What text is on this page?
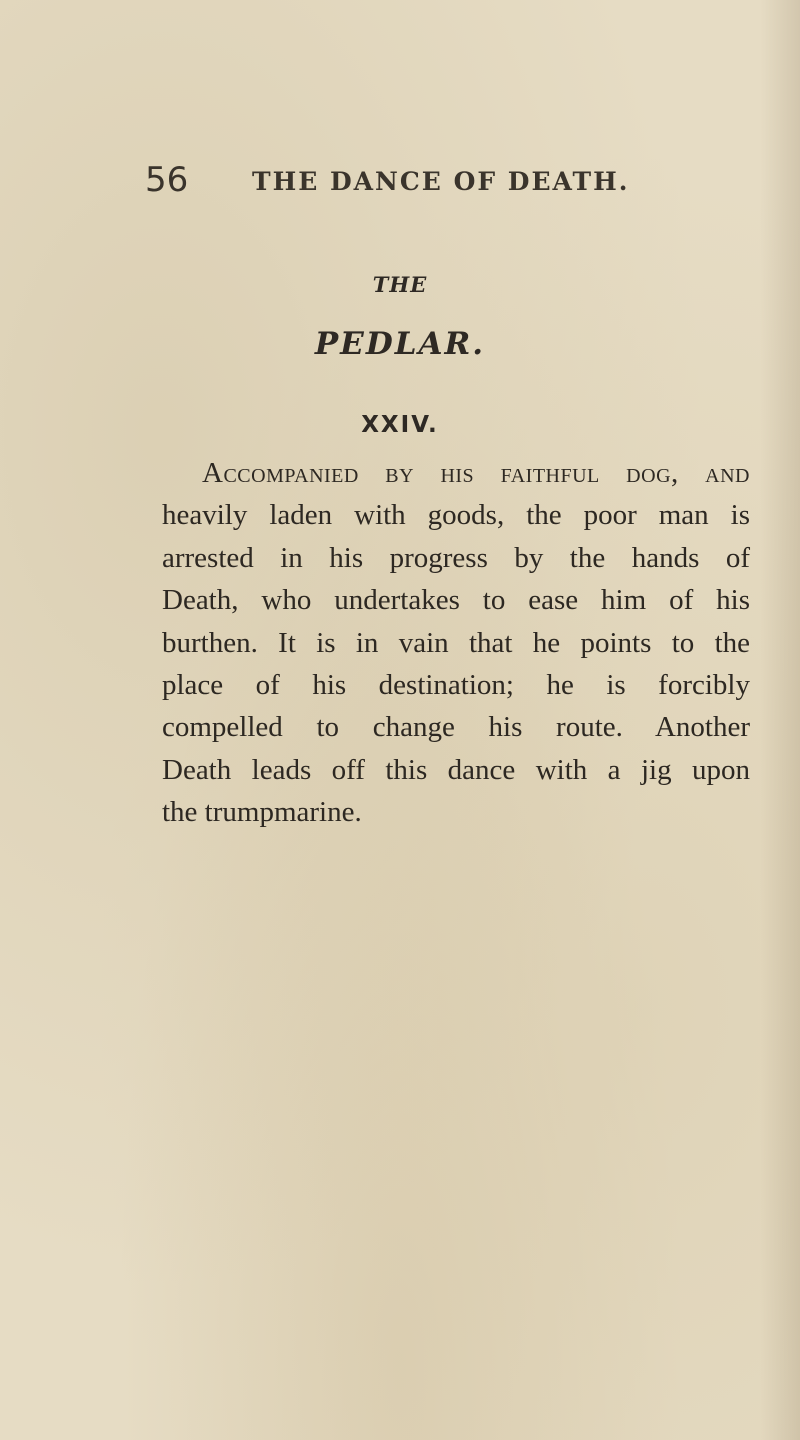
56	THE DANCE OF DEATH.
THE
PEDLAR.
XXIV.
Accompanied by his faithful dog, and
heavily laden with goods, the poor man is
arrested in his progress by the hands of
Death, who undertakes to ease him of his
burthen. It is in vain that he points to the
place of his destination; he is forcibly
compelled to change his route. Another
Death leads off this dance with a jig upon
the trumpmarine.
